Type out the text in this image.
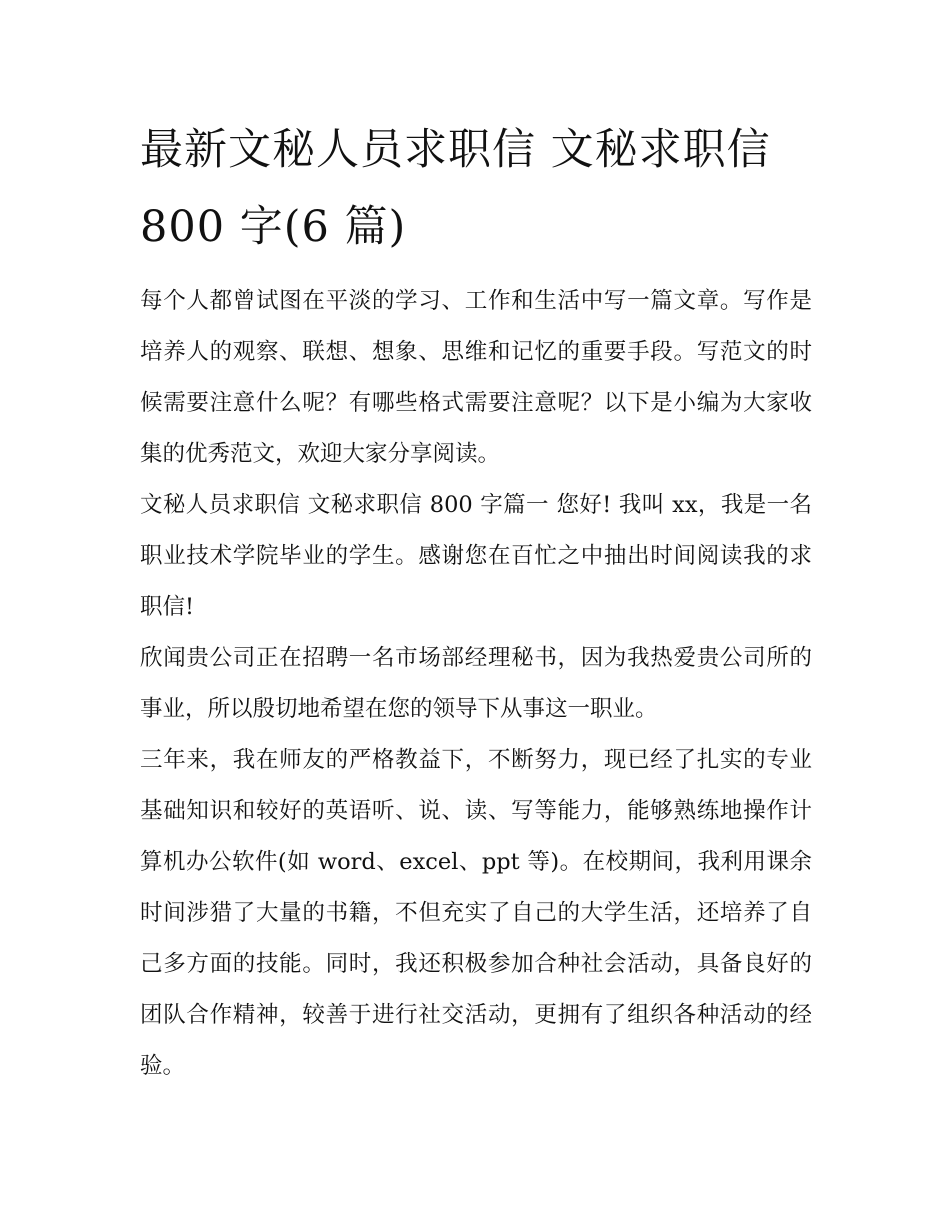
最新文秘人员求职信 文秘求职信 800 字(6 篇)

每个人都曾试图在平淡的学习、工作和生活中写一篇文章。写作是培养人的观察、联想、想象、思维和记忆的重要手段。写范文的时候需要注意什么呢？有哪些格式需要注意呢？以下是小编为大家收集的优秀范文，欢迎大家分享阅读。

文秘人员求职信 文秘求职信 800 字篇一 您好! 我叫 xx，我是一名职业技术学院毕业的学生。感谢您在百忙之中抽出时间阅读我的求职信!

欣闻贵公司正在招聘一名市场部经理秘书，因为我热爱贵公司所的事业，所以殷切地希望在您的领导下从事这一职业。

三年来，我在师友的严格教益下，不断努力，现已经了扎实的专业基础知识和较好的英语听、说、读、写等能力，能够熟练地操作计算机办公软件(如 word、excel、ppt 等)。在校期间，我利用课余时间涉猎了大量的书籍，不但充实了自己的大学生活，还培养了自己多方面的技能。同时，我还积极参加合种社会活动，具备良好的团队合作精神，较善于进行社交活动，更拥有了组织各种活动的经验。
